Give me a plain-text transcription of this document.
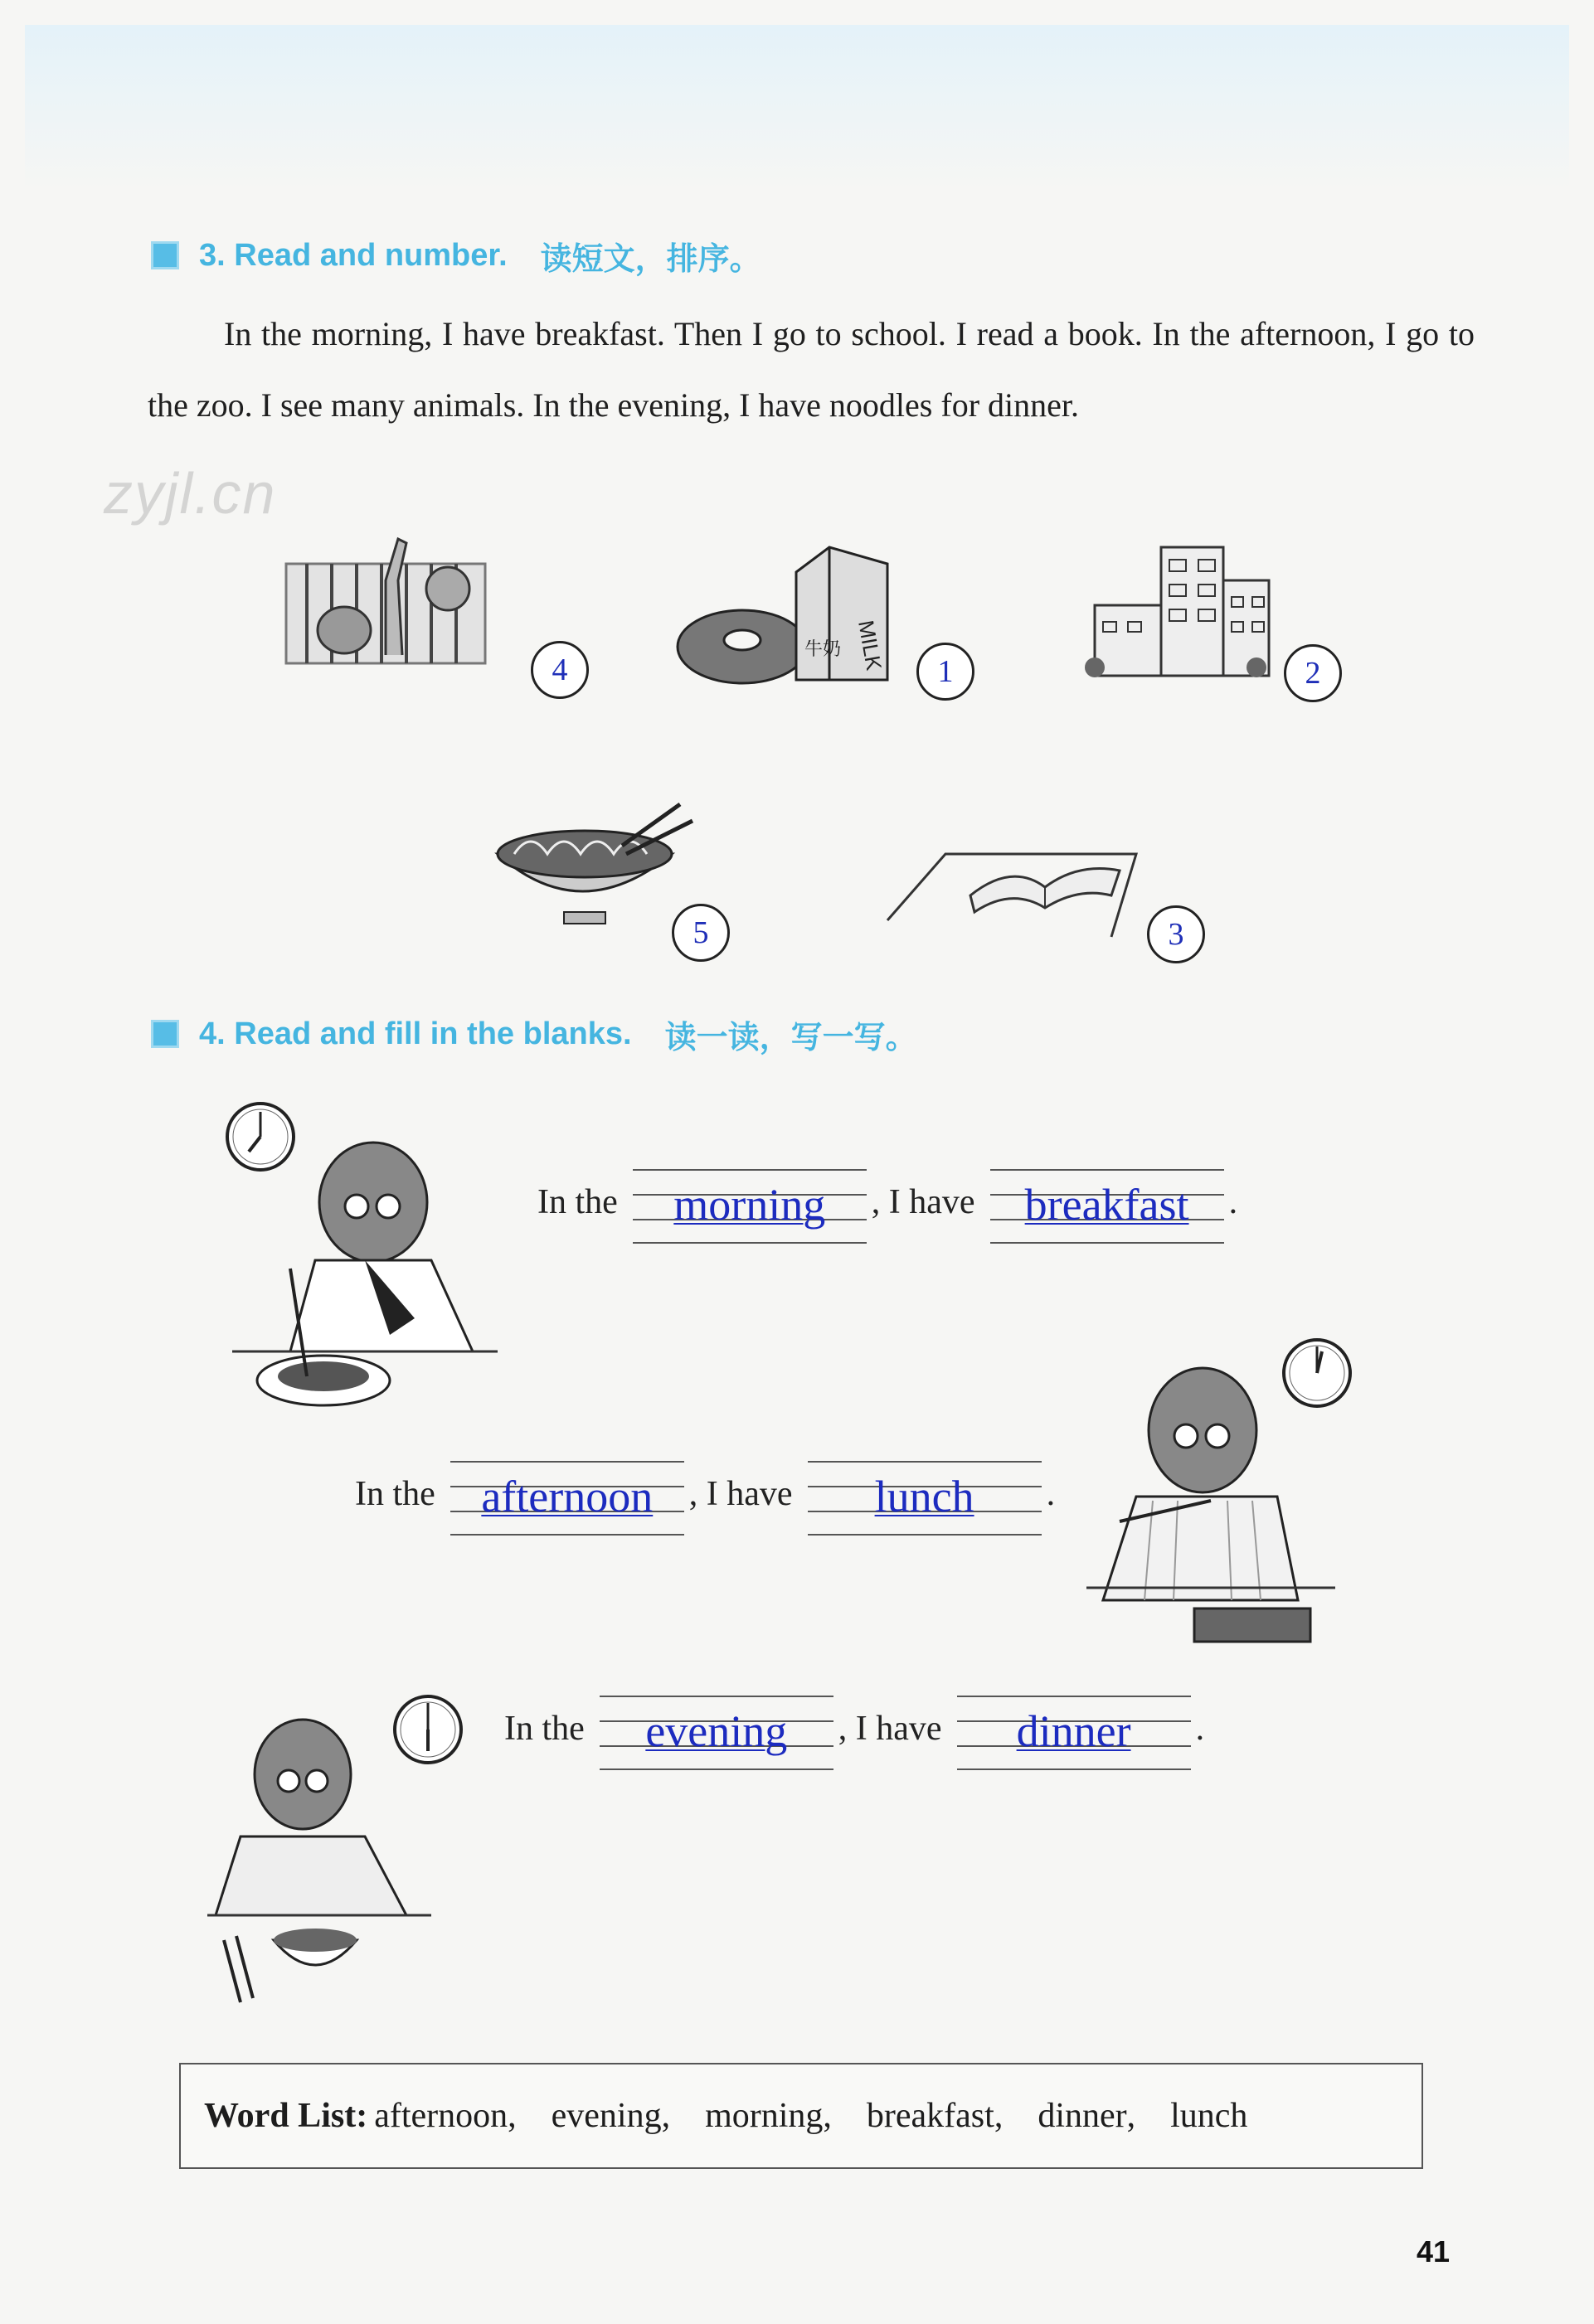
3. Read and number. 读短文，排序。
In the morning, I have breakfast. Then I go to school. I read a book. In the afternoon, I go to the zoo. I see many animals. In the evening, I have noodles for dinner.
zyjl.cn
4	MILK
牛奶
1	2
5	3
4. Read and fill in the blanks. 读一读，写一写。
In the	morning	, I have	breakfast	.
In the	afternoon	, I have	lunch	.
In the	evening	, I have	dinner	.
Word List: afternoon , evening , morning , breakfast , dinner , lunch
41
